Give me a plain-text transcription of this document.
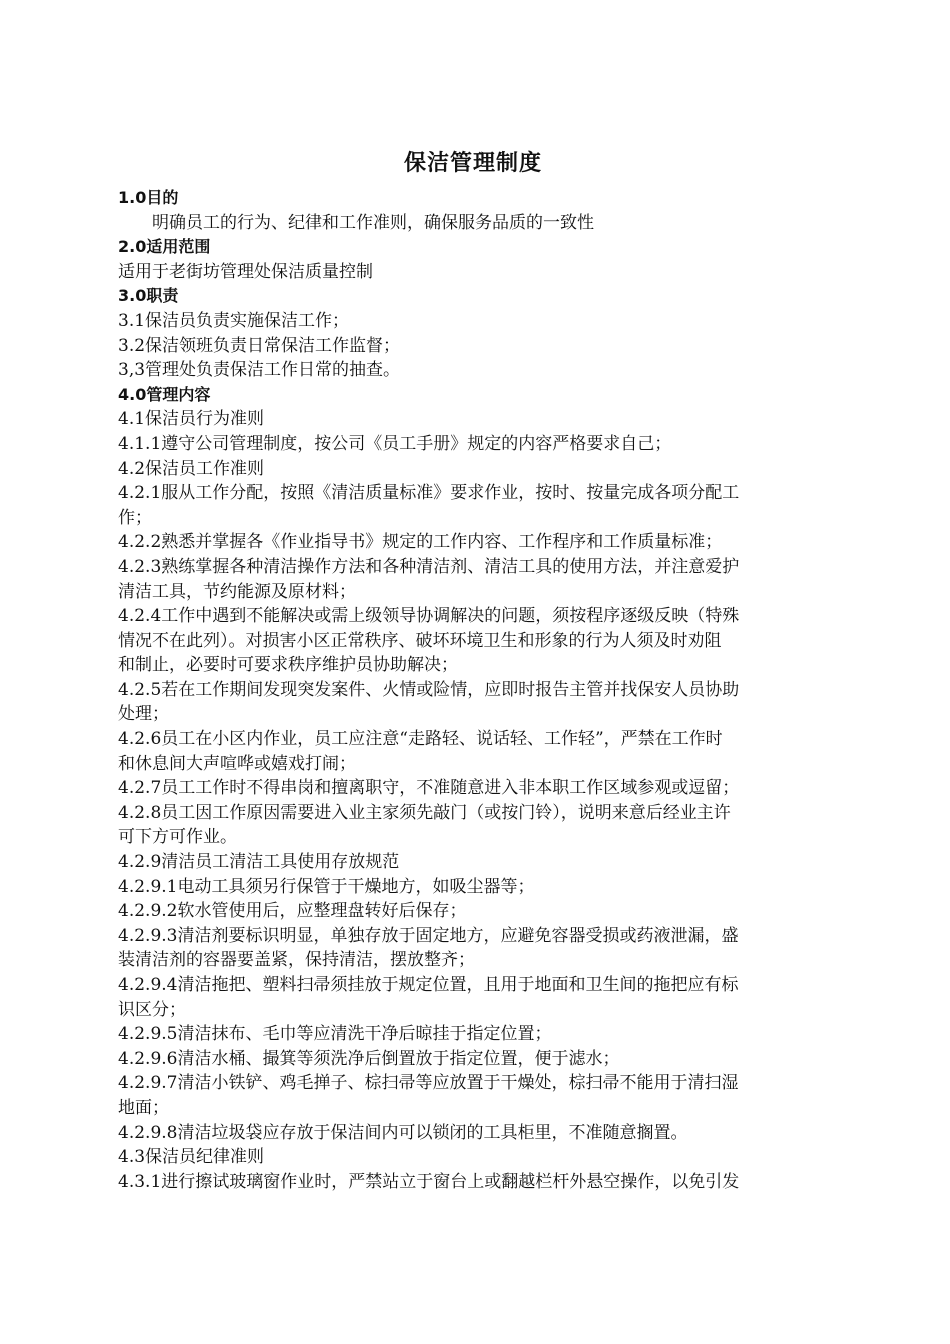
保洁管理制度
1.0目的
明确员工的行为、纪律和工作准则，确保服务品质的一致性
2.0适用范围
适用于老街坊管理处保洁质量控制
3.0职责
3.1保洁员负责实施保洁工作；
3.2保洁领班负责日常保洁工作监督；
3,3管理处负责保洁工作日常的抽查。
4.0管理内容
4.1保洁员行为准则
4.1.1遵守公司管理制度，按公司《员工手册》规定的内容严格要求自己；
4.2保洁员工作准则
4.2.1服从工作分配，按照《清洁质量标准》要求作业，按时、按量完成各项分配工
作；
4.2.2熟悉并掌握各《作业指导书》规定的工作内容、工作程序和工作质量标准；
4.2.3熟练掌握各种清洁操作方法和各种清洁剂、清洁工具的使用方法，并注意爱护
清洁工具，节约能源及原材料；
4.2.4工作中遇到不能解决或需上级领导协调解决的问题，须按程序逐级反映（特殊
情况不在此列）。对损害小区正常秩序、破坏环境卫生和形象的行为人须及时劝阻
和制止，必要时可要求秩序维护员协助解决；
4.2.5若在工作期间发现突发案件、火情或险情，应即时报告主管并找保安人员协助
处理；
4.2.6员工在小区内作业，员工应注意“走路轻、说话轻、工作轻”，严禁在工作时
和休息间大声喧哗或嬉戏打闹；
4.2.7员工工作时不得串岗和擅离职守，不准随意进入非本职工作区域参观或逗留；
4.2.8员工因工作原因需要进入业主家须先敲门（或按门铃），说明来意后经业主许
可下方可作业。
4.2.9清洁员工清洁工具使用存放规范
4.2.9.1电动工具须另行保管于干燥地方，如吸尘器等；
4.2.9.2软水管使用后，应整理盘转好后保存；
4.2.9.3清洁剂要标识明显，单独存放于固定地方，应避免容器受损或药液泄漏，盛
装清洁剂的容器要盖紧，保持清洁，摆放整齐；
4.2.9.4清洁拖把、塑料扫帚须挂放于规定位置，且用于地面和卫生间的拖把应有标
识区分；
4.2.9.5清洁抹布、毛巾等应清洗干净后晾挂于指定位置；
4.2.9.6清洁水桶、撮箕等须洗净后倒置放于指定位置，便于滤水；
4.2.9.7清洁小铁铲、鸡毛掸子、棕扫帚等应放置于干燥处，棕扫帚不能用于清扫湿
地面；
4.2.9.8清洁垃圾袋应存放于保洁间内可以锁闭的工具柜里，不准随意搁置。
4.3保洁员纪律准则
4.3.1进行擦试玻璃窗作业时，严禁站立于窗台上或翻越栏杆外悬空操作，以免引发
